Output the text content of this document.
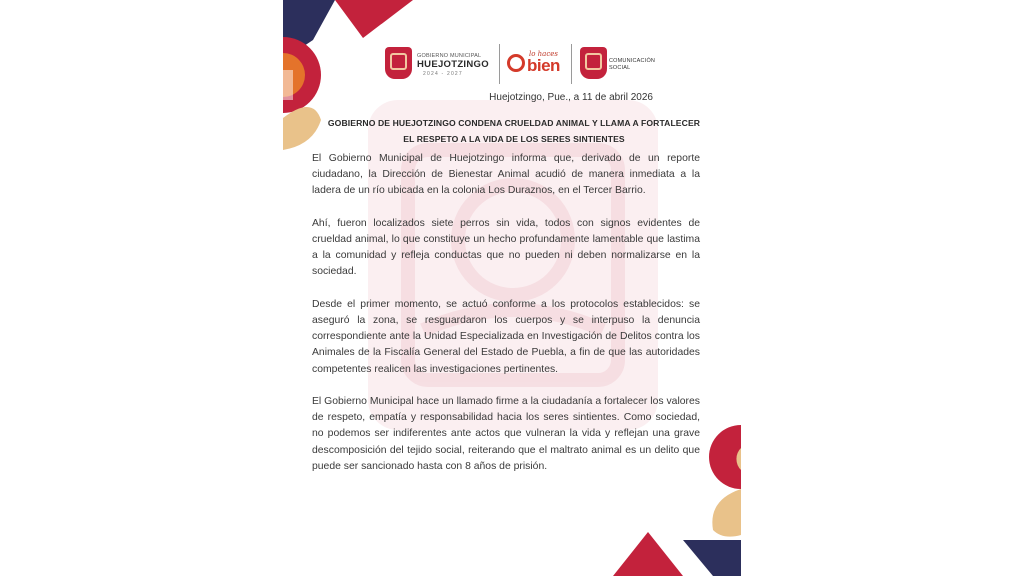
GOBIERNO MUNICIPAL
HUEJOTZINGO
2024 - 2027
lo haces
bien	COMUNICACIÓN
SOCIAL
Huejotzingo, Pue., a 11 de abril 2026
GOBIERNO DE HUEJOTZINGO CONDENA CRUELDAD ANIMAL Y LLAMA A FORTALECER EL RESPETO A LA VIDA DE LOS SERES SINTIENTES

El Gobierno Municipal de Huejotzingo informa que, derivado de un reporte ciudadano, la Dirección de Bienestar Animal acudió de manera inmediata a la ladera de un río ubicada en la colonia Los Duraznos, en el Tercer Barrio.

Ahí, fueron localizados siete perros sin vida, todos con signos evidentes de crueldad animal, lo que constituye un hecho profundamente lamentable que lastima a la comunidad y refleja conductas que no pueden ni deben normalizarse en la sociedad.

Desde el primer momento, se actuó conforme a los protocolos establecidos: se aseguró la zona, se resguardaron los cuerpos y se interpuso la denuncia correspondiente ante la Unidad Especializada en Investigación de Delitos contra los Animales de la Fiscalía General del Estado de Puebla, a fin de que las autoridades competentes realicen las investigaciones pertinentes.

El Gobierno Municipal hace un llamado firme a la ciudadanía a fortalecer los valores de respeto, empatía y responsabilidad hacia los seres sintientes. Como sociedad, no podemos ser indiferentes ante actos que vulneran la vida y reflejan una grave descomposición del tejido social, reiterando que el maltrato animal es un delito que puede ser sancionado hasta con 8 años de prisión.
